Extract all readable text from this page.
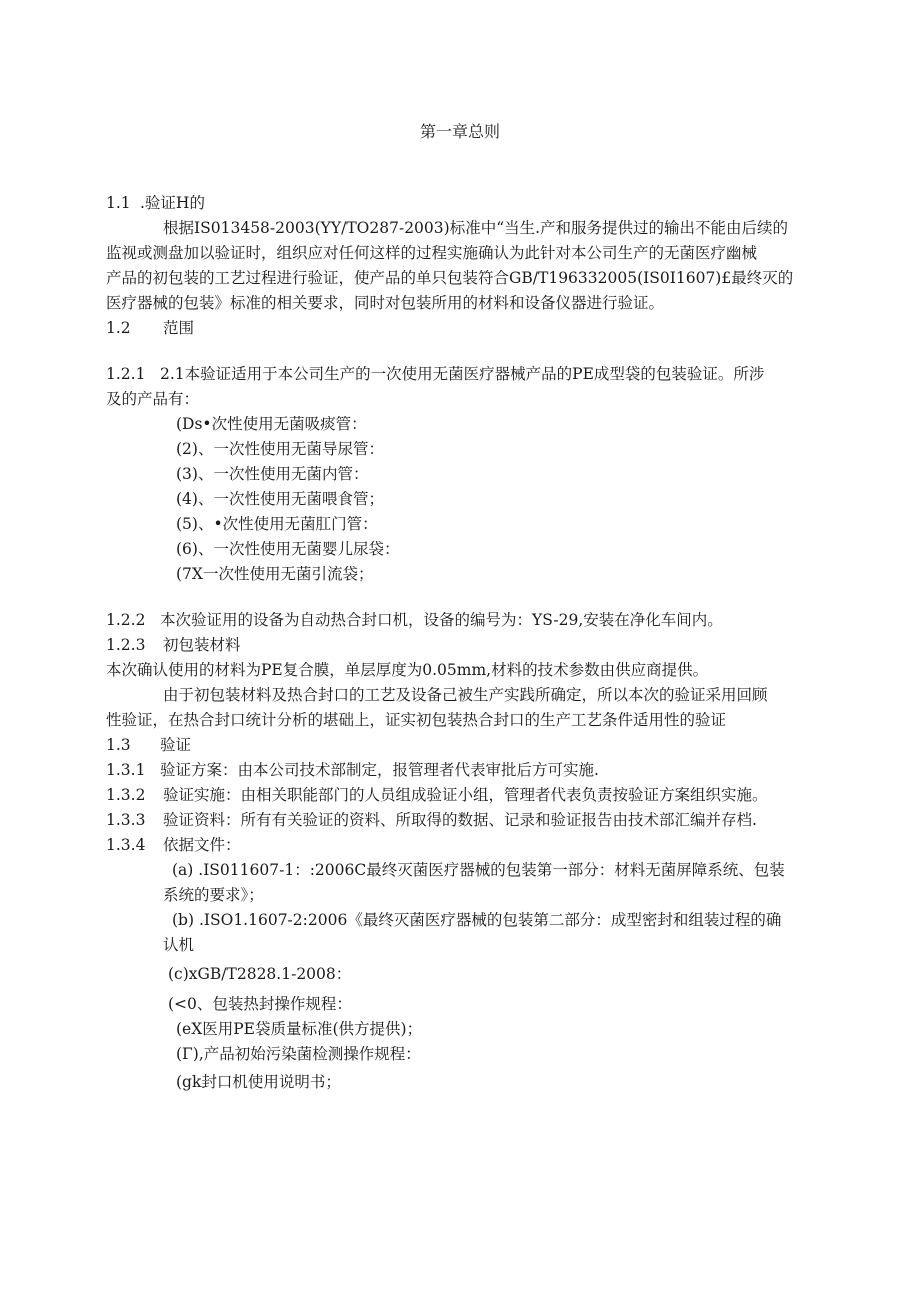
第一章总则
1.1 .验证H的
根据IS013458-2003(YY/TO287-2003)标准中“当生.产和服务提供过的输出不能由后续的
监视或测盘加以验证时，组织应对任何这样的过程实施确认为此针对本公司生产的无菌医疗幽械
产品的初包装的工艺过程进行验证，使产品的单只包装符合GB/T196332005(IS0I1607)£最终灭的
医疗器械的包装》标准的相关要求，同时对包装所用的材料和设备仪器进行验证。
1.2 范围
1.2.1 2.1本验证适用于本公司生产的一次使用无菌医疗器械产品的PE成型袋的包装验证。所涉
及的产品有：
(Ds•次性使用无菌吸痰管：
(2)、一次性使用无菌导尿管：
(3)、一次性使用无菌内管：
(4)、一次性使用无菌喂食管；
(5)、•次性使用无菌肛门管：
(6)、一次性使用无菌婴儿尿袋：
(7X一次性使用无菌引流袋；
1.2.2 本次验证用的设备为自动热合封口机，设备的编号为：YS-29,安装在净化车间内。
1.2.3 初包装材料
本次确认使用的材料为PE复合膜，单层厚度为0.05mm,材料的技术参数由供应商提供。
由于初包装材料及热合封口的工艺及设备己被生产实践所确定，所以本次的验证采用回顾
性验证，在热合封口统计分析的堪础上，证实初包装热合封口的生产工艺条件适用性的验证
1.3 验证
1.3.1 验证方案：由本公司技术部制定，报管理者代表审批后方可实施.
1.3.2 验证实施：由相关职能部门的人员组成验证小组，管理者代表负责按验证方案组织实施。
1.3.3 验证资料：所有有关验证的资料、所取得的数据、记录和验证报告由技术部汇编并存档.
1.3.4 依据文件：
(a) .IS011607-1：:2006C最终灭菌医疗器械的包装第一部分：材料无菌屏障系统、包装
系统的要求》；
(b) .ISO1.1607-2:2006《最终灭菌医疗器械的包装第二部分：成型密封和组装过程的确
认机
(c)xGB/T2828.1-2008：
(<0、包装热封操作规程：
(eX医用PE袋质量标准(供方提供)；
(Γ),产品初始污染菌检测操作规程：
(gk封口机使用说明书；
